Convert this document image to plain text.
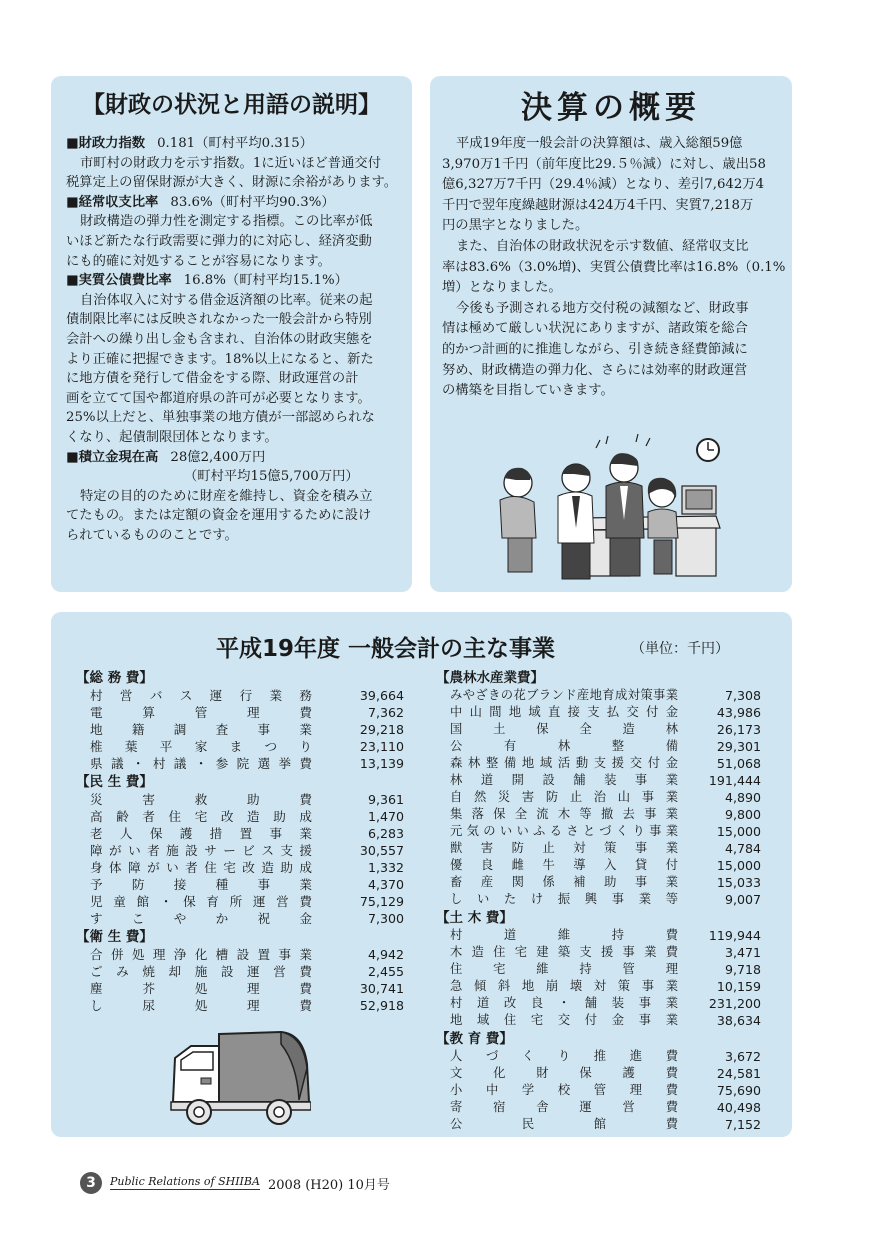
【財政の状況と用語の説明】

■財政力指数 0.181（町村平均0.315）

市町村の財政力を示す指数。1に近いほど普通交付

税算定上の留保財源が大きく、財源に余裕があります。

■経常収支比率 83.6%（町村平均90.3%）

財政構造の弾力性を測定する指標。この比率が低

いほど新たな行政需要に弾力的に対応し、経済変動

にも的確に対処することが容易になります。

■実質公債費比率 16.8%（町村平均15.1%）

自治体収入に対する借金返済額の比率。従来の起

債制限比率には反映されなかった一般会計から特別

会計への繰り出し金も含まれ、自治体の財政実態を

より正確に把握できます。18%以上になると、新た

に地方債を発行して借金をする際、財政運営の計

画を立てて国や都道府県の許可が必要となります。

25%以上だと、単独事業の地方債が一部認められな

くなり、起債制限団体となります。

■積立金現在高 28億2,400万円

（町村平均15億5,700万円）

特定の目的のために財産を維持し、資金を積み立

てたもの。または定額の資金を運用するために設け

られているもののことです。

決算の概要

平成19年度一般会計の決算額は、歳入総額59億

3,970万1千円（前年度比29.５％減）に対し、歳出58

億6,327万7千円（29.4％減）となり、差引7,642万4

千円で翌年度繰越財源は424万4千円、実質7,218万

円の黒字となりました。

また、自治体の財政状況を示す数値、経常収支比

率は83.6%（3.0%増)、実質公債費比率は16.8%（0.1%

増）となりました。

今後も予測される地方交付税の減額など、財政事

情は極めて厳しい状況にありますが、諸政策を総合

的かつ計画的に推進しながら、引き続き経費節減に

努め、財政構造の弾力化、さらには効率的財政運営

の構築を目指していきます。

平成19年度 一般会計の主な事業	（単位：千円）
【総 務 費】
村営バス運行業務	39,664
電算管理費	7,362
地籍調査事業	29,218
椎葉平家まつり	23,110
県議・村議・参院選挙費	13,139
【民 生 費】
災害救助費	9,361
高齢者住宅改造助成	1,470
老人保護措置事業	6,283
障がい者施設サービス支援	30,557
身体障がい者住宅改造助成	1,332
予防接種事業	4,370
児童館・保育所運営費	75,129
すこやか祝金	7,300
【衛 生 費】
合併処理浄化槽設置事業	4,942
ごみ焼却施設運営費	2,455
塵芥処理費	30,741
し尿処理費	52,918
【農林水産業費】
みやざきの花ブランド産地育成対策事業	7,308
中山間地域直接支払交付金	43,986
国土保全造林	26,173
公有林整備	29,301
森林整備地域活動支援交付金	51,068
林道開設舗装事業	191,444
自然災害防止治山事業	4,890
集落保全流木等撤去事業	9,800
元気のいいふるさとづくり事業	15,000
獣害防止対策事業	4,784
優良雌牛導入貸付	15,000
畜産関係補助事業	15,033
しいたけ振興事業等	9,007
【土 木 費】
村道維持費	119,944
木造住宅建築支援事業費	3,471
住宅維持管理	9,718
急傾斜地崩壊対策事業	10,159
村道改良・舗装事業	231,200
地域住宅交付金事業	38,634
【教 育 費】
人づくり推進費	3,672
文化財保護費	24,581
小中学校管理費	75,690
寄宿舎運営費	40,498
公民館費	7,152
3	Public Relations of SHIIBA 2008 (H20) 10月号
